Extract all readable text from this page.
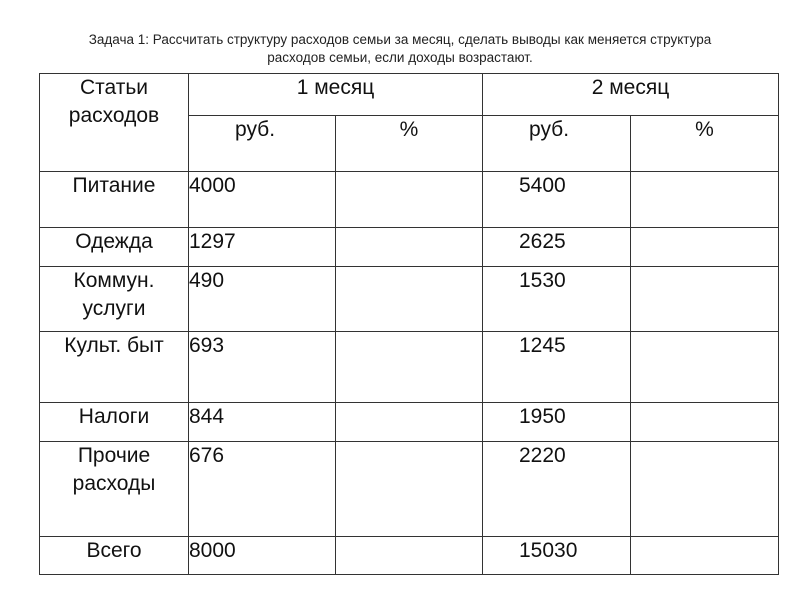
Задача 1: Рассчитать структуру расходов семьи за месяц, сделать выводы как меняется структура
расходов семьи, если доходы возрастают.
Статьи
расходов	1 месяц		2 месяц	
	руб.	%	руб.	%
Питание	4000		5400	
Одежда	1297		2625	
Коммун.
услуги	490		1530	
Культ. быт	693		1245	
Налоги	844		1950	
Прочие
расходы	676		2220	
Всего	8000		15030	
